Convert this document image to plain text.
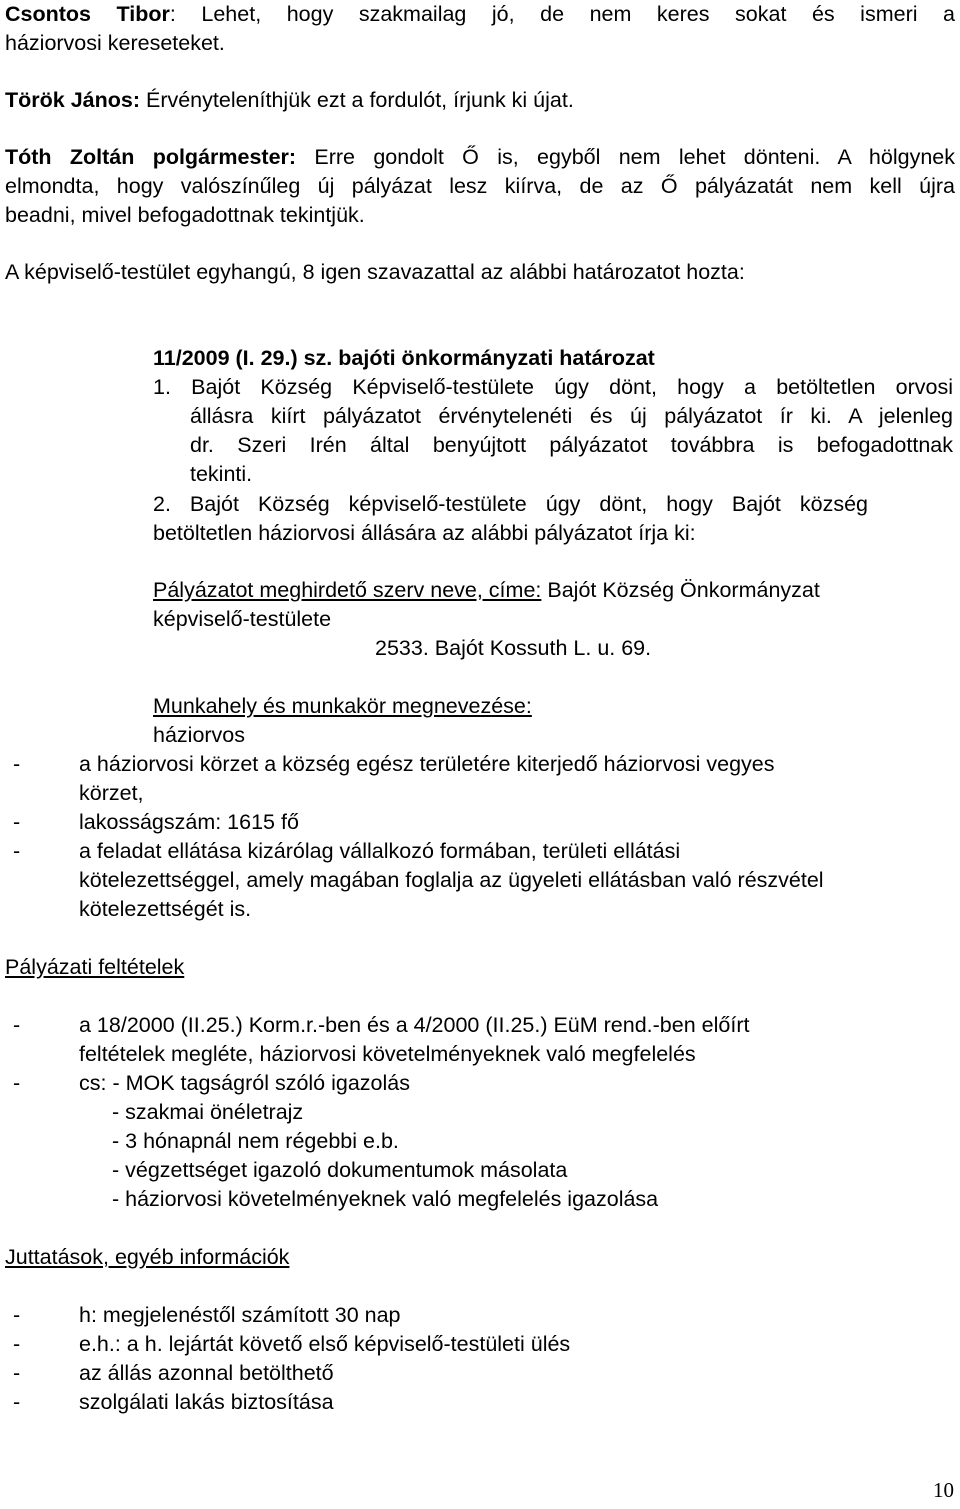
Csontos Tibor: Lehet, hogy szakmailag jó, de nem keres sokat és ismeri a
háziorvosi kereseteket.
Török János: Érvényteleníthjük ezt a fordulót, írjunk ki újat.
Tóth Zoltán polgármester: Erre gondolt Ő is, egyből nem lehet dönteni. A hölgynek
elmondta, hogy valószínűleg új pályázat lesz kiírva, de az Ő pályázatát nem kell újra
beadni, mivel befogadottnak tekintjük.
A képviselő-testület egyhangú, 8 igen szavazattal az alábbi határozatot hozta:
11/2009 (I. 29.) sz. bajóti önkormányzati határozat
1. Bajót Község Képviselő-testülete úgy dönt, hogy a betöltetlen orvosi
állásra kiírt pályázatot érvénytelenéti és új pályázatot ír ki. A jelenleg
dr. Szeri Irén által benyújtott pályázatot továbbra is befogadottnak
tekinti.
2. Bajót Község képviselő-testülete úgy dönt, hogy Bajót község
betöltetlen háziorvosi állására az alábbi pályázatot írja ki:
Pályázatot meghirdető szerv neve, címe: Bajót Község Önkormányzat
képviselő-testülete
2533. Bajót Kossuth L. u. 69.
Munkahely és munkakör megnevezése:
háziorvos
-	a háziorvosi körzet a község egész területére kiterjedő háziorvosi vegyes
körzet,
-	lakosságszám: 1615 fő
-	a feladat ellátása kizárólag vállalkozó formában, területi ellátási
kötelezettséggel, amely magában foglalja az ügyeleti ellátásban való részvétel
kötelezettségét is.
Pályázati feltételek
-	a 18/2000 (II.25.) Korm.r.-ben és a 4/2000 (II.25.) EüM rend.-ben előírt
feltételek megléte, háziorvosi követelményeknek való megfelelés
-	cs: - MOK tagságról szóló igazolás
- szakmai önéletrajz
- 3 hónapnál nem régebbi e.b.
- végzettséget igazoló dokumentumok másolata
- háziorvosi követelményeknek való megfelelés igazolása
Juttatások, egyéb információk
-	h: megjelenéstől számított 30 nap
-	e.h.: a h. lejártát követő első képviselő-testületi ülés
-	az állás azonnal betölthető
-	szolgálati lakás biztosítása
10
